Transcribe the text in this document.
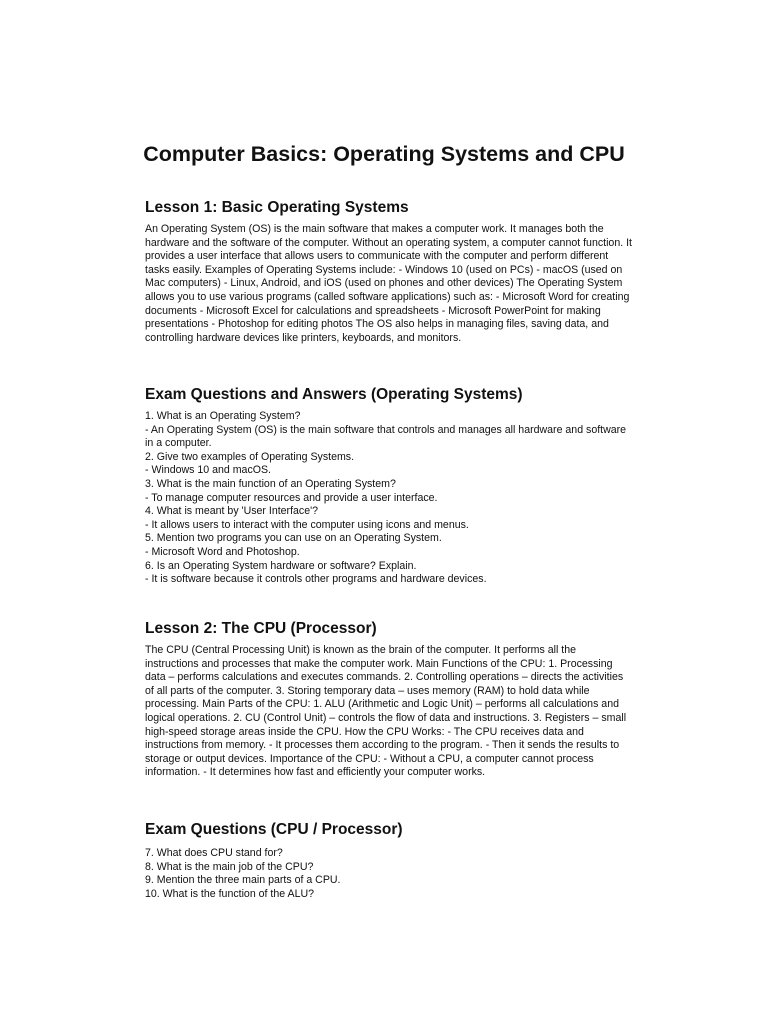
Computer Basics: Operating Systems and CPU
Lesson 1: Basic Operating Systems

An Operating System (OS) is the main software that makes a computer work. It manages both the hardware and the software of the computer. Without an operating system, a computer cannot function. It provides a user interface that allows users to communicate with the computer and perform different tasks easily. Examples of Operating Systems include: - Windows 10 (used on PCs) - macOS (used on Mac computers) - Linux, Android, and iOS (used on phones and other devices) The Operating System allows you to use various programs (called software applications) such as: - Microsoft Word for creating documents - Microsoft Excel for calculations and spreadsheets - Microsoft PowerPoint for making presentations - Photoshop for editing photos The OS also helps in managing files, saving data, and controlling hardware devices like printers, keyboards, and monitors.

Exam Questions and Answers (Operating Systems)
1. What is an Operating System?
- An Operating System (OS) is the main software that controls and manages all hardware and software in a computer.
2. Give two examples of Operating Systems.
- Windows 10 and macOS.
3. What is the main function of an Operating System?
- To manage computer resources and provide a user interface.
4. What is meant by 'User Interface'?
- It allows users to interact with the computer using icons and menus.
5. Mention two programs you can use on an Operating System.
- Microsoft Word and Photoshop.
6. Is an Operating System hardware or software? Explain.
- It is software because it controls other programs and hardware devices.
Lesson 2: The CPU (Processor)

The CPU (Central Processing Unit) is known as the brain of the computer. It performs all the instructions and processes that make the computer work. Main Functions of the CPU: 1. Processing data – performs calculations and executes commands. 2. Controlling operations – directs the activities of all parts of the computer. 3. Storing temporary data – uses memory (RAM) to hold data while processing. Main Parts of the CPU: 1. ALU (Arithmetic and Logic Unit) – performs all calculations and logical operations. 2. CU (Control Unit) – controls the flow of data and instructions. 3. Registers – small high-speed storage areas inside the CPU. How the CPU Works: - The CPU receives data and instructions from memory. - It processes them according to the program. - Then it sends the results to storage or output devices. Importance of the CPU: - Without a CPU, a computer cannot process information. - It determines how fast and efficiently your computer works.

Exam Questions (CPU / Processor)
7. What does CPU stand for?
8. What is the main job of the CPU?
9. Mention the three main parts of a CPU.
10. What is the function of the ALU?
